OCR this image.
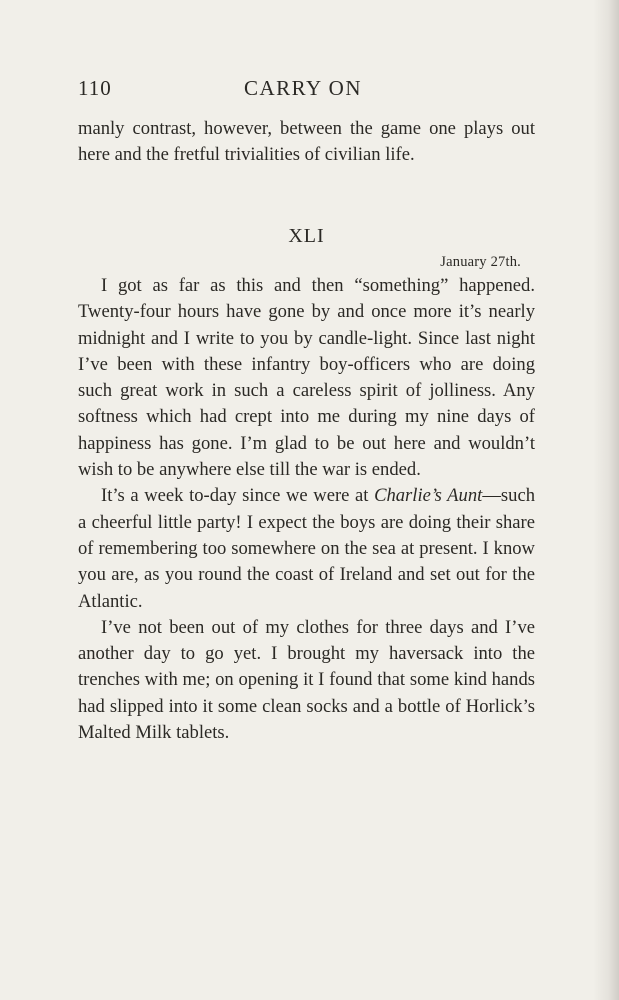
110	CARRY ON
manly contrast, however, between the game one plays out here and the fretful trivialities of civilian life.
XLI
January 27th.

I got as far as this and then “something” happened. Twenty-four hours have gone by and once more it’s nearly midnight and I write to you by candle-light. Since last night I’ve been with these infantry boy-officers who are doing such great work in such a careless spirit of jolliness. Any softness which had crept into me during my nine days of happiness has gone. I’m glad to be out here and wouldn’t wish to be anywhere else till the war is ended.

It’s a week to-day since we were at Charlie’s Aunt—such a cheerful little party! I expect the boys are doing their share of remembering too somewhere on the sea at present. I know you are, as you round the coast of Ireland and set out for the Atlantic.

I’ve not been out of my clothes for three days and I’ve another day to go yet. I brought my haversack into the trenches with me; on opening it I found that some kind hands had slipped into it some clean socks and a bottle of Horlick’s Malted Milk tablets.
